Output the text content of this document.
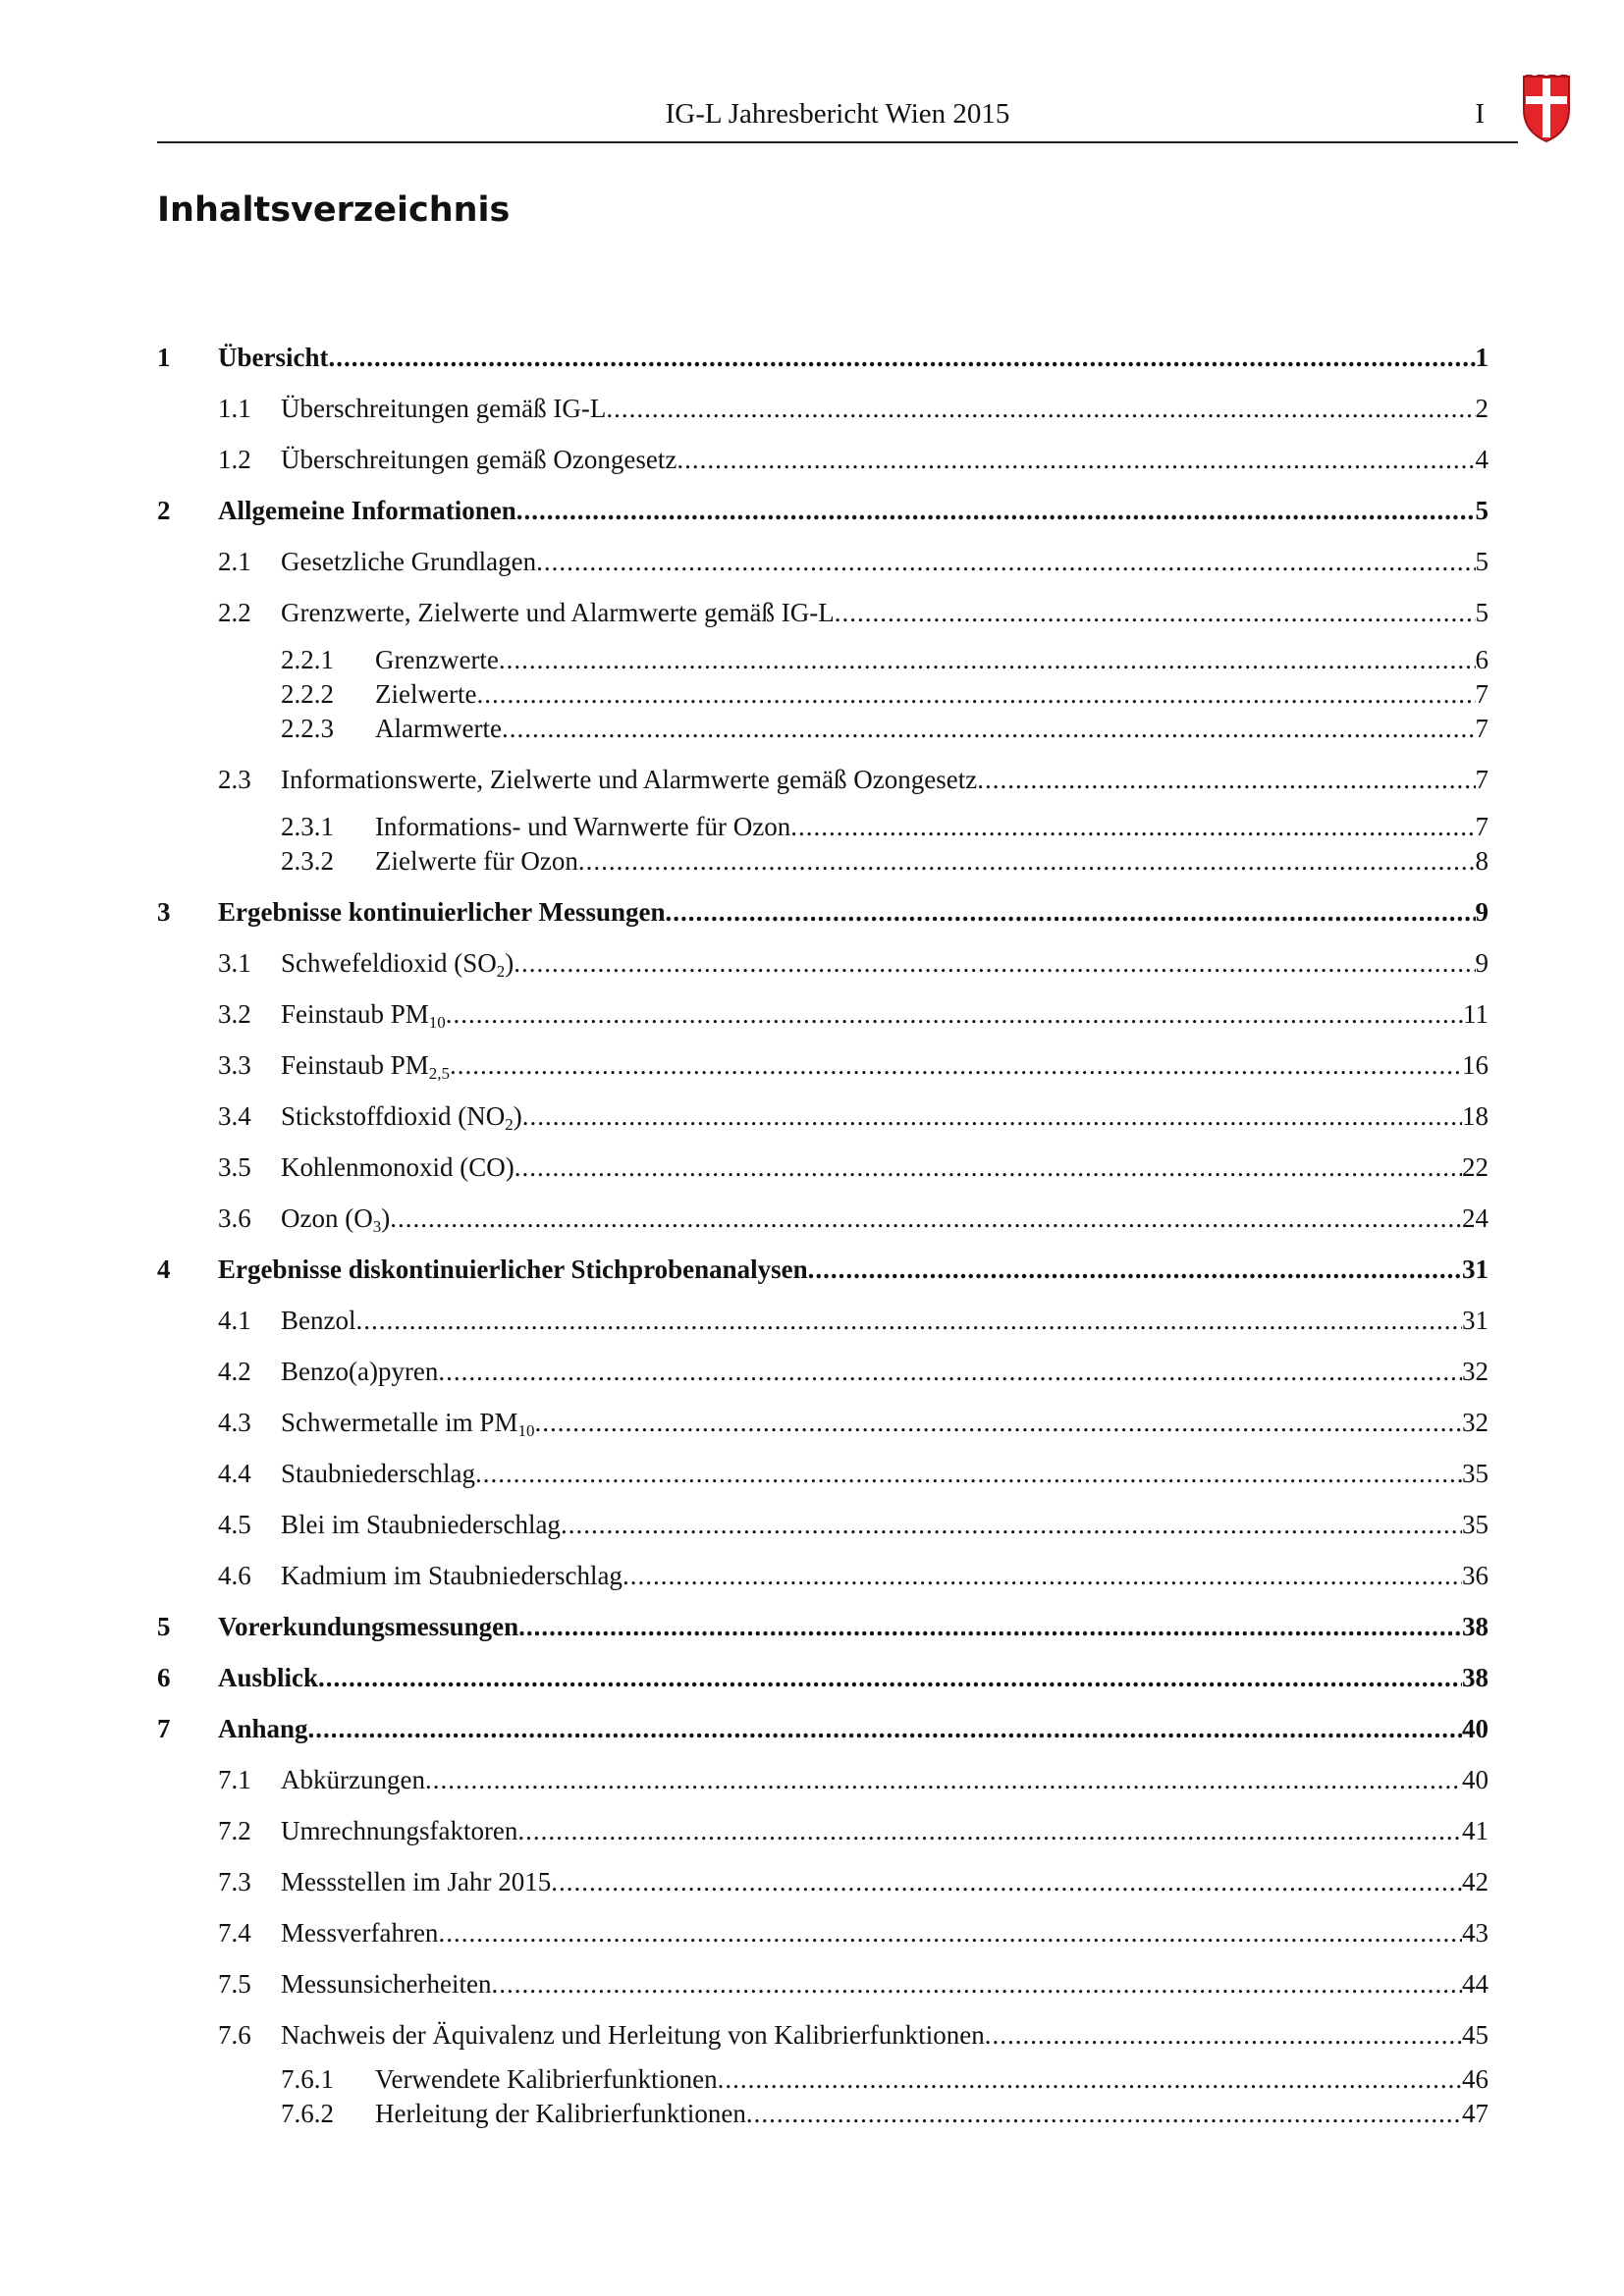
IG-L Jahresbericht Wien 2015	I
Inhaltsverzeichnis
1 Übersicht .....	1
1.1 Überschreitungen gemäß IG-L .....	2
1.2 Überschreitungen gemäß Ozongesetz .....	4
2 Allgemeine Informationen .....	5
2.1 Gesetzliche Grundlagen .....	5
2.2 Grenzwerte, Zielwerte und Alarmwerte gemäß IG-L .....	5
2.2.1 Grenzwerte .....	6
2.2.2 Zielwerte .....	7
2.2.3 Alarmwerte .....	7
2.3 Informationswerte, Zielwerte und Alarmwerte gemäß Ozongesetz .....	7
2.3.1 Informations- und Warnwerte für Ozon .....	7
2.3.2 Zielwerte für Ozon .....	8
3 Ergebnisse kontinuierlicher Messungen .....	9
3.1 Schwefeldioxid $(SO_2)$ .....	9
3.2 Feinstaub $PM_{10}$ .....	11
3.3 Feinstaub $PM_{2,5}$ .....	16
3.4 Stickstoffdioxid $(NO_2)$ .....	18
3.5 Kohlenmonoxid (CO) .....	22
3.6 Ozon $(O_3)$ .....	24
4 Ergebnisse diskontinuierlicher Stichprobenanalysen .....	31
4.1 Benzol .....	31
4.2 Benzo(a)pyren .....	32
4.3 Schwermetalle im $PM_{10}$ .....	32
4.4 Staubniederschlag .....	35
4.5 Blei im Staubniederschlag .....	35
4.6 Kadmium im Staubniederschlag .....	36
5 Vorerkundungsmessungen .....	38
6 Ausblick .....	38
7 Anhang .....	40
7.1 Abkürzungen .....	40
7.2 Umrechnungsfaktoren .....	41
7.3 Messstellen im Jahr 2015 .....	42
7.4 Messverfahren .....	43
7.5 Messunsicherheiten .....	44
7.6 Nachweis der Äquivalenz und Herleitung von Kalibrierfunktionen .....	45
7.6.1 Verwendete Kalibrierfunktionen .....	46
7.6.2 Herleitung der Kalibrierfunktionen .....	47
